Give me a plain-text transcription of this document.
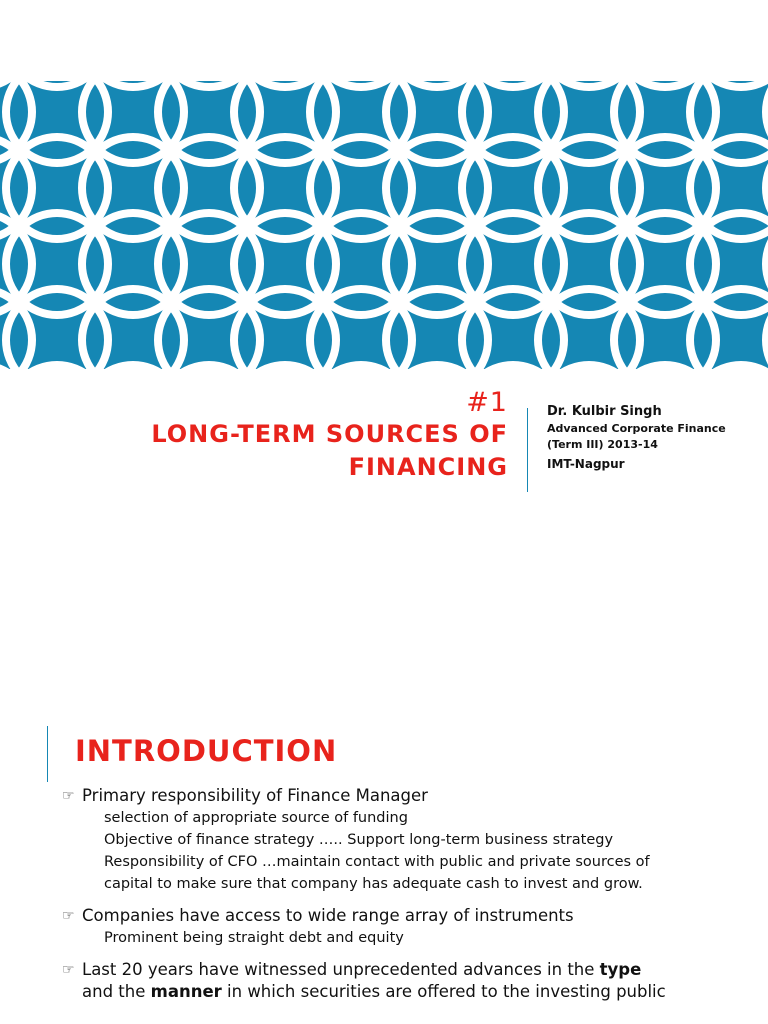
#1
LONG-TERM SOURCES OF
FINANCING
Dr. Kulbir Singh
Advanced Corporate Finance
(Term III) 2013-14
IMT-Nagpur
INTRODUCTION
☞ Primary responsibility of Finance Manager
selection of appropriate source of funding
Objective of finance strategy ….. Support long-term business strategy
Responsibility of CFO …maintain contact with public and private sources of
capital to make sure that company has adequate cash to invest and grow.
☞ Companies have access to wide range array of instruments
Prominent being straight debt and equity
☞ Last 20 years have witnessed unprecedented advances in the type
and the manner in which securities are offered to the investing public
